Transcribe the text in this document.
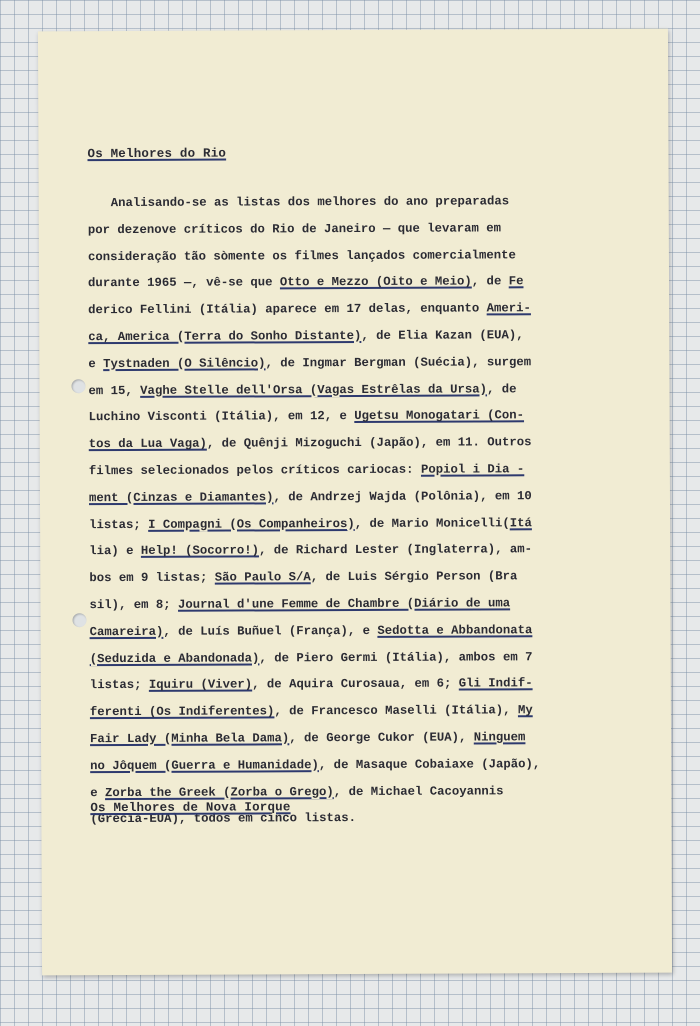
Os Melhores do Rio
Analisando-se as listas dos melhores do ano preparadas
por dezenove críticos do Rio de Janeiro — que levaram em
consideração tão sòmente os filmes lançados comercialmente
durante 1965 —, vê-se que Otto e Mezzo (Oito e Meio), de Fe
derico Fellini (Itália) aparece em 17 delas, enquanto Ameri-
ca, America (Terra do Sonho Distante), de Elia Kazan (EUA),
e Tystnaden (O Silêncio), de Ingmar Bergman (Suécia), surgem
em 15, Vaghe Stelle dell'Orsa (Vagas Estrêlas da Ursa), de
Luchino Visconti (Itália), em 12, e Ugetsu Monogatari (Con-
tos da Lua Vaga), de Quênji Mizoguchi (Japão), em 11. Outros
filmes selecionados pelos críticos cariocas: Popiol i Dia -
ment (Cinzas e Diamantes), de Andrzej Wajda (Polônia), em 10
listas; I Compagni (Os Companheiros), de Mario Monicelli(Itá
lia) e Help! (Socorro!), de Richard Lester (Inglaterra), am-
bos em 9 listas; São Paulo S/A, de Luis Sérgio Person (Bra
sil), em 8; Journal d'une Femme de Chambre (Diário de uma
Camareira), de Luís Buñuel (França), e Sedotta e Abbandonata
(Seduzida e Abandonada), de Piero Germi (Itália), ambos em 7
listas; Iquiru (Viver), de Aquira Curosaua, em 6; Gli Indif-
ferenti (Os Indiferentes), de Francesco Maselli (Itália), My
Fair Lady (Minha Bela Dama), de George Cukor (EUA), Ninguem
no Jôquem (Guerra e Humanidade), de Masaque Cobaiaxe (Japão),
e Zorba the Greek (Zorba o Grego), de Michael Cacoyannis
(Grécia-EUA), todos em cinco listas.
Os Melhores de Nova Iorque
